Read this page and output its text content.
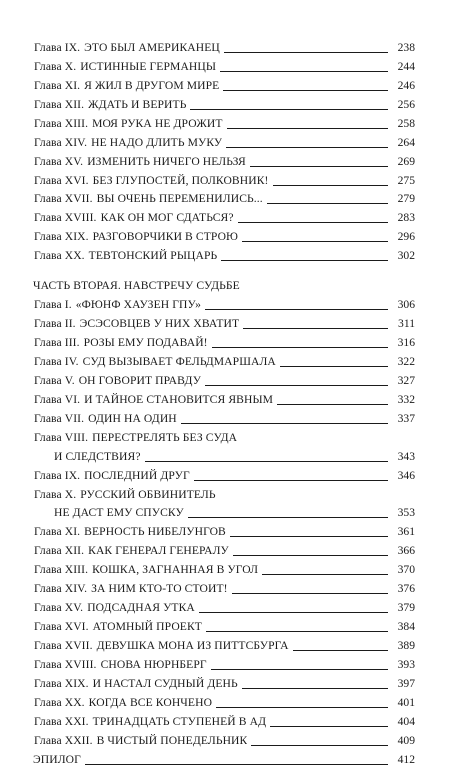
Глава IX. ЭТО БЫЛ АМЕРИКАНЕЦ	238
Глава X. ИСТИННЫЕ ГЕРМАНЦЫ	244
Глава XI. Я ЖИЛ В ДРУГОМ МИРЕ	246
Глава XII. ЖДАТЬ И ВЕРИТЬ	256
Глава XIII. МОЯ РУКА НЕ ДРОЖИТ	258
Глава XIV. НЕ НАДО ДЛИТЬ МУКУ	264
Глава XV. ИЗМЕНИТЬ НИЧЕГО НЕЛЬЗЯ	269
Глава XVI. БЕЗ ГЛУПОСТЕЙ, ПОЛКОВНИК!	275
Глава XVII. ВЫ ОЧЕНЬ ПЕРЕМЕНИЛИСЬ...	279
Глава XVIII. КАК ОН МОГ СДАТЬСЯ?	283
Глава XIX. РАЗГОВОРЧИКИ В СТРОЮ	296
Глава XX. ТЕВТОНСКИЙ РЫЦАРЬ	302
ЧАСТЬ ВТОРАЯ. НАВСТРЕЧУ СУДЬБЕ
Глава I. «ФЮНФ ХАУЗЕН ГПУ»	306
Глава II. ЭСЭСОВЦЕВ У НИХ ХВАТИТ	311
Глава III. РОЗЫ ЕМУ ПОДАВАЙ!	316
Глава IV. СУД ВЫЗЫВАЕТ ФЕЛЬДМАРШАЛА	322
Глава V. ОН ГОВОРИТ ПРАВДУ	327
Глава VI. И ТАЙНОЕ СТАНОВИТСЯ ЯВНЫМ	332
Глава VII. ОДИН НА ОДИН	337
Глава VIII. ПЕРЕСТРЕЛЯТЬ БЕЗ СУДА
И СЛЕДСТВИЯ?	343
Глава IX. ПОСЛЕДНИЙ ДРУГ	346
Глава X. РУССКИЙ ОБВИНИТЕЛЬ
НЕ ДАСТ ЕМУ СПУСКУ	353
Глава XI. ВЕРНОСТЬ НИБЕЛУНГОВ	361
Глава XII. КАК ГЕНЕРАЛ ГЕНЕРАЛУ	366
Глава XIII. КОШКА, ЗАГНАННАЯ В УГОЛ	370
Глава XIV. ЗА НИМ КТО-ТО СТОИТ!	376
Глава XV. ПОДСАДНАЯ УТКА	379
Глава XVI. АТОМНЫЙ ПРОЕКТ	384
Глава XVII. ДЕВУШКА МОНА ИЗ ПИТТСБУРГА	389
Глава XVIII. СНОВА НЮРНБЕРГ	393
Глава XIX. И НАСТАЛ СУДНЫЙ ДЕНЬ	397
Глава XX. КОГДА ВСЕ КОНЧЕНО	401
Глава XXI. ТРИНАДЦАТЬ СТУПЕНЕЙ В АД	404
Глава XXII. В ЧИСТЫЙ ПОНЕДЕЛЬНИК	409
ЭПИЛОГ	412
